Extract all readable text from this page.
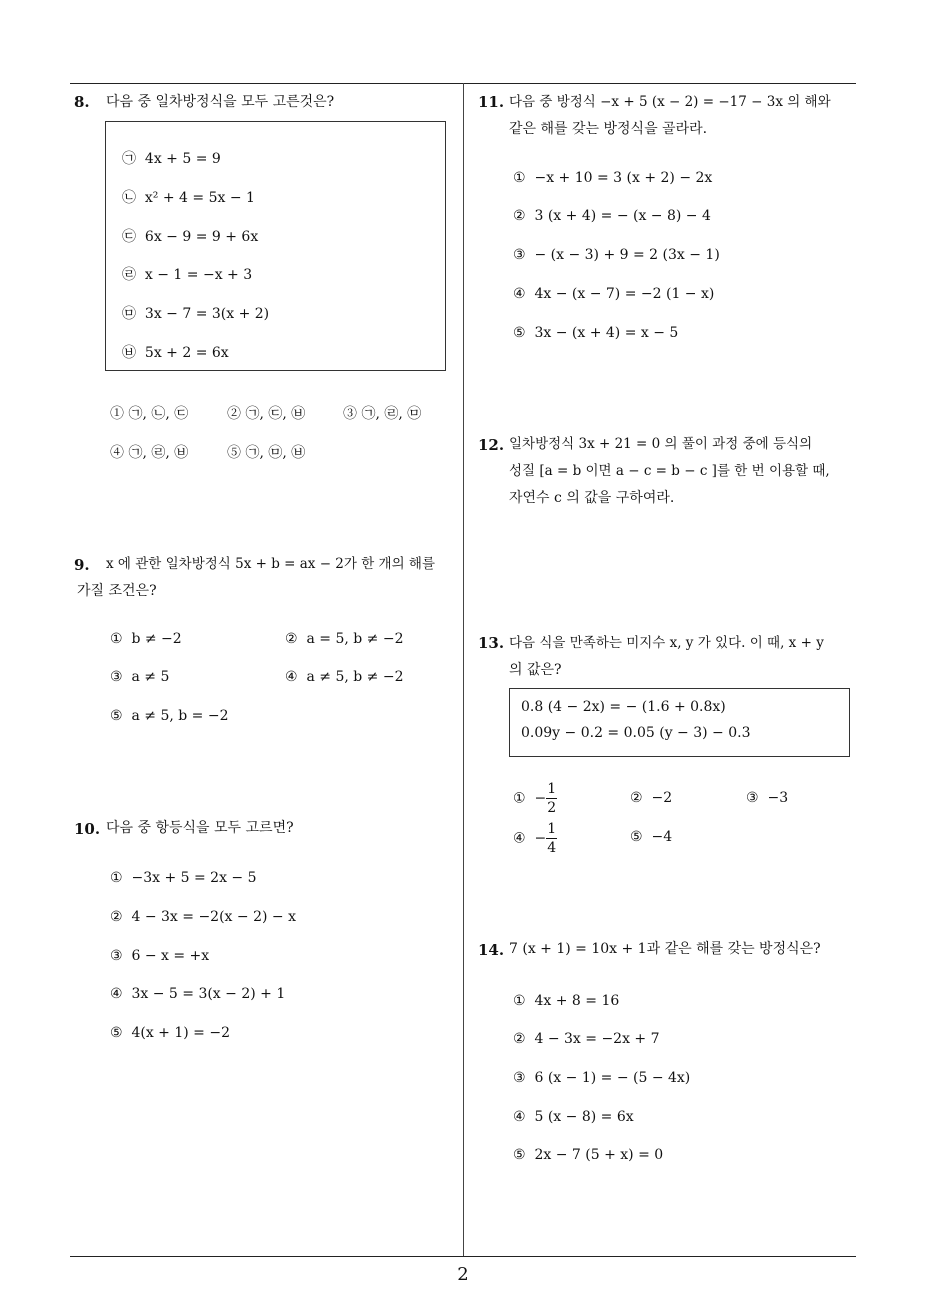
8. 다음 중 일차방정식을 모두 고른것은?
㉠ 4x + 5 = 9
㉡ x² + 4 = 5x − 1
㉢ 6x − 9 = 9 + 6x
㉣ x − 1 = −x + 3
㉤ 3x − 7 = 3(x + 2)
㉥ 5x + 2 = 6x
① ㉠, ㉡, ㉢	② ㉠, ㉢, ㉥	③ ㉠, ㉣, ㉤
④ ㉠, ㉣, ㉥	⑤ ㉠, ㉤, ㉥
9. x 에 관한 일차방정식 5x + b = ax − 2가 한 개의 해를
가질 조건은?
① b ≠ −2	② a = 5, b ≠ −2
③ a ≠ 5	④ a ≠ 5, b ≠ −2
⑤ a ≠ 5, b = −2
10. 다음 중 항등식을 모두 고르면?
① −3x + 5 = 2x − 5
② 4 − 3x = −2(x − 2) − x
③ 6 − x = +x
④ 3x − 5 = 3(x − 2) + 1
⑤ 4(x + 1) = −2
11. 다음 중 방정식 −x + 5 (x − 2) = −17 − 3x 의 해와
같은 해를 갖는 방정식을 골라라.
① −x + 10 = 3 (x + 2) − 2x
② 3 (x + 4) = − (x − 8) − 4
③ − (x − 3) + 9 = 2 (3x − 1)
④ 4x − (x − 7) = −2 (1 − x)
⑤ 3x − (x + 4) = x − 5
12. 일차방정식 3x + 21 = 0 의 풀이 과정 중에 등식의
성질 [a = b 이면 a − c = b − c ]를 한 번 이용할 때,
자연수 c 의 값을 구하여라.
13. 다음 식을 만족하는 미지수 x, y 가 있다. 이 때, x + y
의 값은?
0.8 (4 − 2x) = − (1.6 + 0.8x)
0.09y − 0.2 = 0.05 (y − 3) − 0.3
① − $\frac{1}{2}$	② −2	③ −3
④ − $\frac{1}{4}$	⑤ −4
14. 7 (x + 1) = 10x + 1과 같은 해를 갖는 방정식은?
① 4x + 8 = 16
② 4 − 3x = −2x + 7
③ 6 (x − 1) = − (5 − 4x)
④ 5 (x − 8) = 6x
⑤ 2x − 7 (5 + x) = 0
2
